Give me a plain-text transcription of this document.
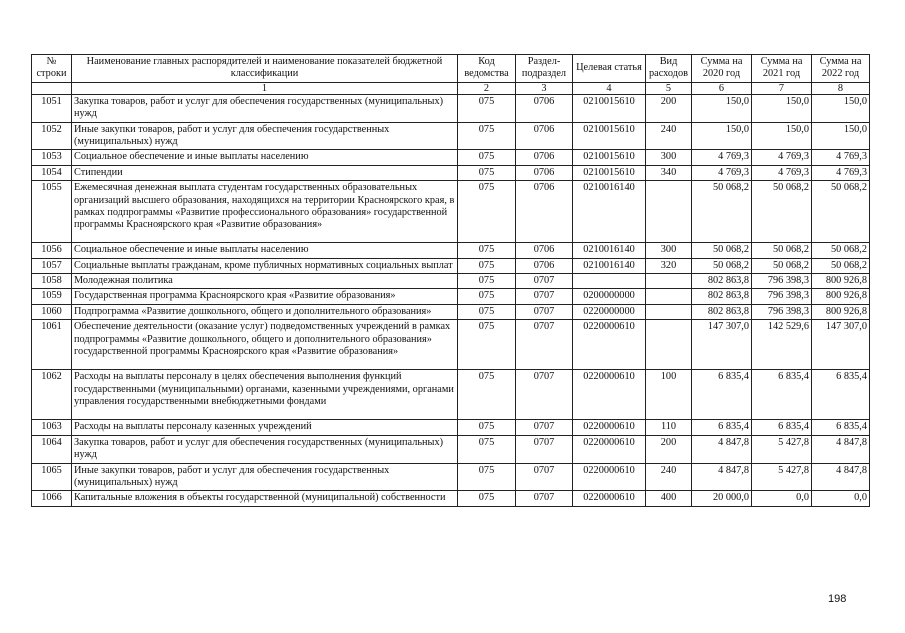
№ строки	Наименование главных распорядителей и наименование показателей бюджетной классификации	Код ведомства	Раздел-подраздел	Целевая статья	Вид расходов	Сумма на 2020 год	Сумма на 2021 год	Сумма на 2022 год
	1	2	3	4	5	6	7	8
1051	Закупка товаров, работ и услуг для обеспечения государственных (муниципальных) нужд	075	0706	0210015610	200	150,0	150,0	150,0
1052	Иные закупки товаров, работ и услуг для обеспечения государственных (муниципальных) нужд	075	0706	0210015610	240	150,0	150,0	150,0
1053	Социальное обеспечение и иные выплаты населению	075	0706	0210015610	300	4 769,3	4 769,3	4 769,3
1054	Стипендии	075	0706	0210015610	340	4 769,3	4 769,3	4 769,3
1055	Ежемесячная денежная выплата студентам государственных образовательных организаций высшего образования, находящихся на территории Красноярского края, в рамках подпрограммы «Развитие профессионального образования» государственной программы Красноярского края «Развитие образования»	075	0706	0210016140		50 068,2	50 068,2	50 068,2
1056	Социальное обеспечение и иные выплаты населению	075	0706	0210016140	300	50 068,2	50 068,2	50 068,2
1057	Социальные выплаты гражданам, кроме публичных нормативных социальных выплат	075	0706	0210016140	320	50 068,2	50 068,2	50 068,2
1058	Молодежная политика	075	0707			802 863,8	796 398,3	800 926,8
1059	Государственная программа Красноярского края «Развитие образования»	075	0707	0200000000		802 863,8	796 398,3	800 926,8
1060	Подпрограмма «Развитие дошкольного, общего и дополнительного образования»	075	0707	0220000000		802 863,8	796 398,3	800 926,8
1061	Обеспечение деятельности (оказание услуг) подведомственных учреждений в рамках подпрограммы «Развитие дошкольного, общего и дополнительного образования» государственной программы Красноярского края «Развитие образования»	075	0707	0220000610		147 307,0	142 529,6	147 307,0
1062	Расходы на выплаты персоналу в целях обеспечения выполнения функций государственными (муниципальными) органами, казенными учреждениями, органами управления государственными внебюджетными фондами	075	0707	0220000610	100	6 835,4	6 835,4	6 835,4
1063	Расходы на выплаты персоналу казенных учреждений	075	0707	0220000610	110	6 835,4	6 835,4	6 835,4
1064	Закупка товаров, работ и услуг для обеспечения государственных (муниципальных) нужд	075	0707	0220000610	200	4 847,8	5 427,8	4 847,8
1065	Иные закупки товаров, работ и услуг для обеспечения государственных (муниципальных) нужд	075	0707	0220000610	240	4 847,8	5 427,8	4 847,8
1066	Капитальные вложения в объекты государственной (муниципальной) собственности	075	0707	0220000610	400	20 000,0	0,0	0,0
198
